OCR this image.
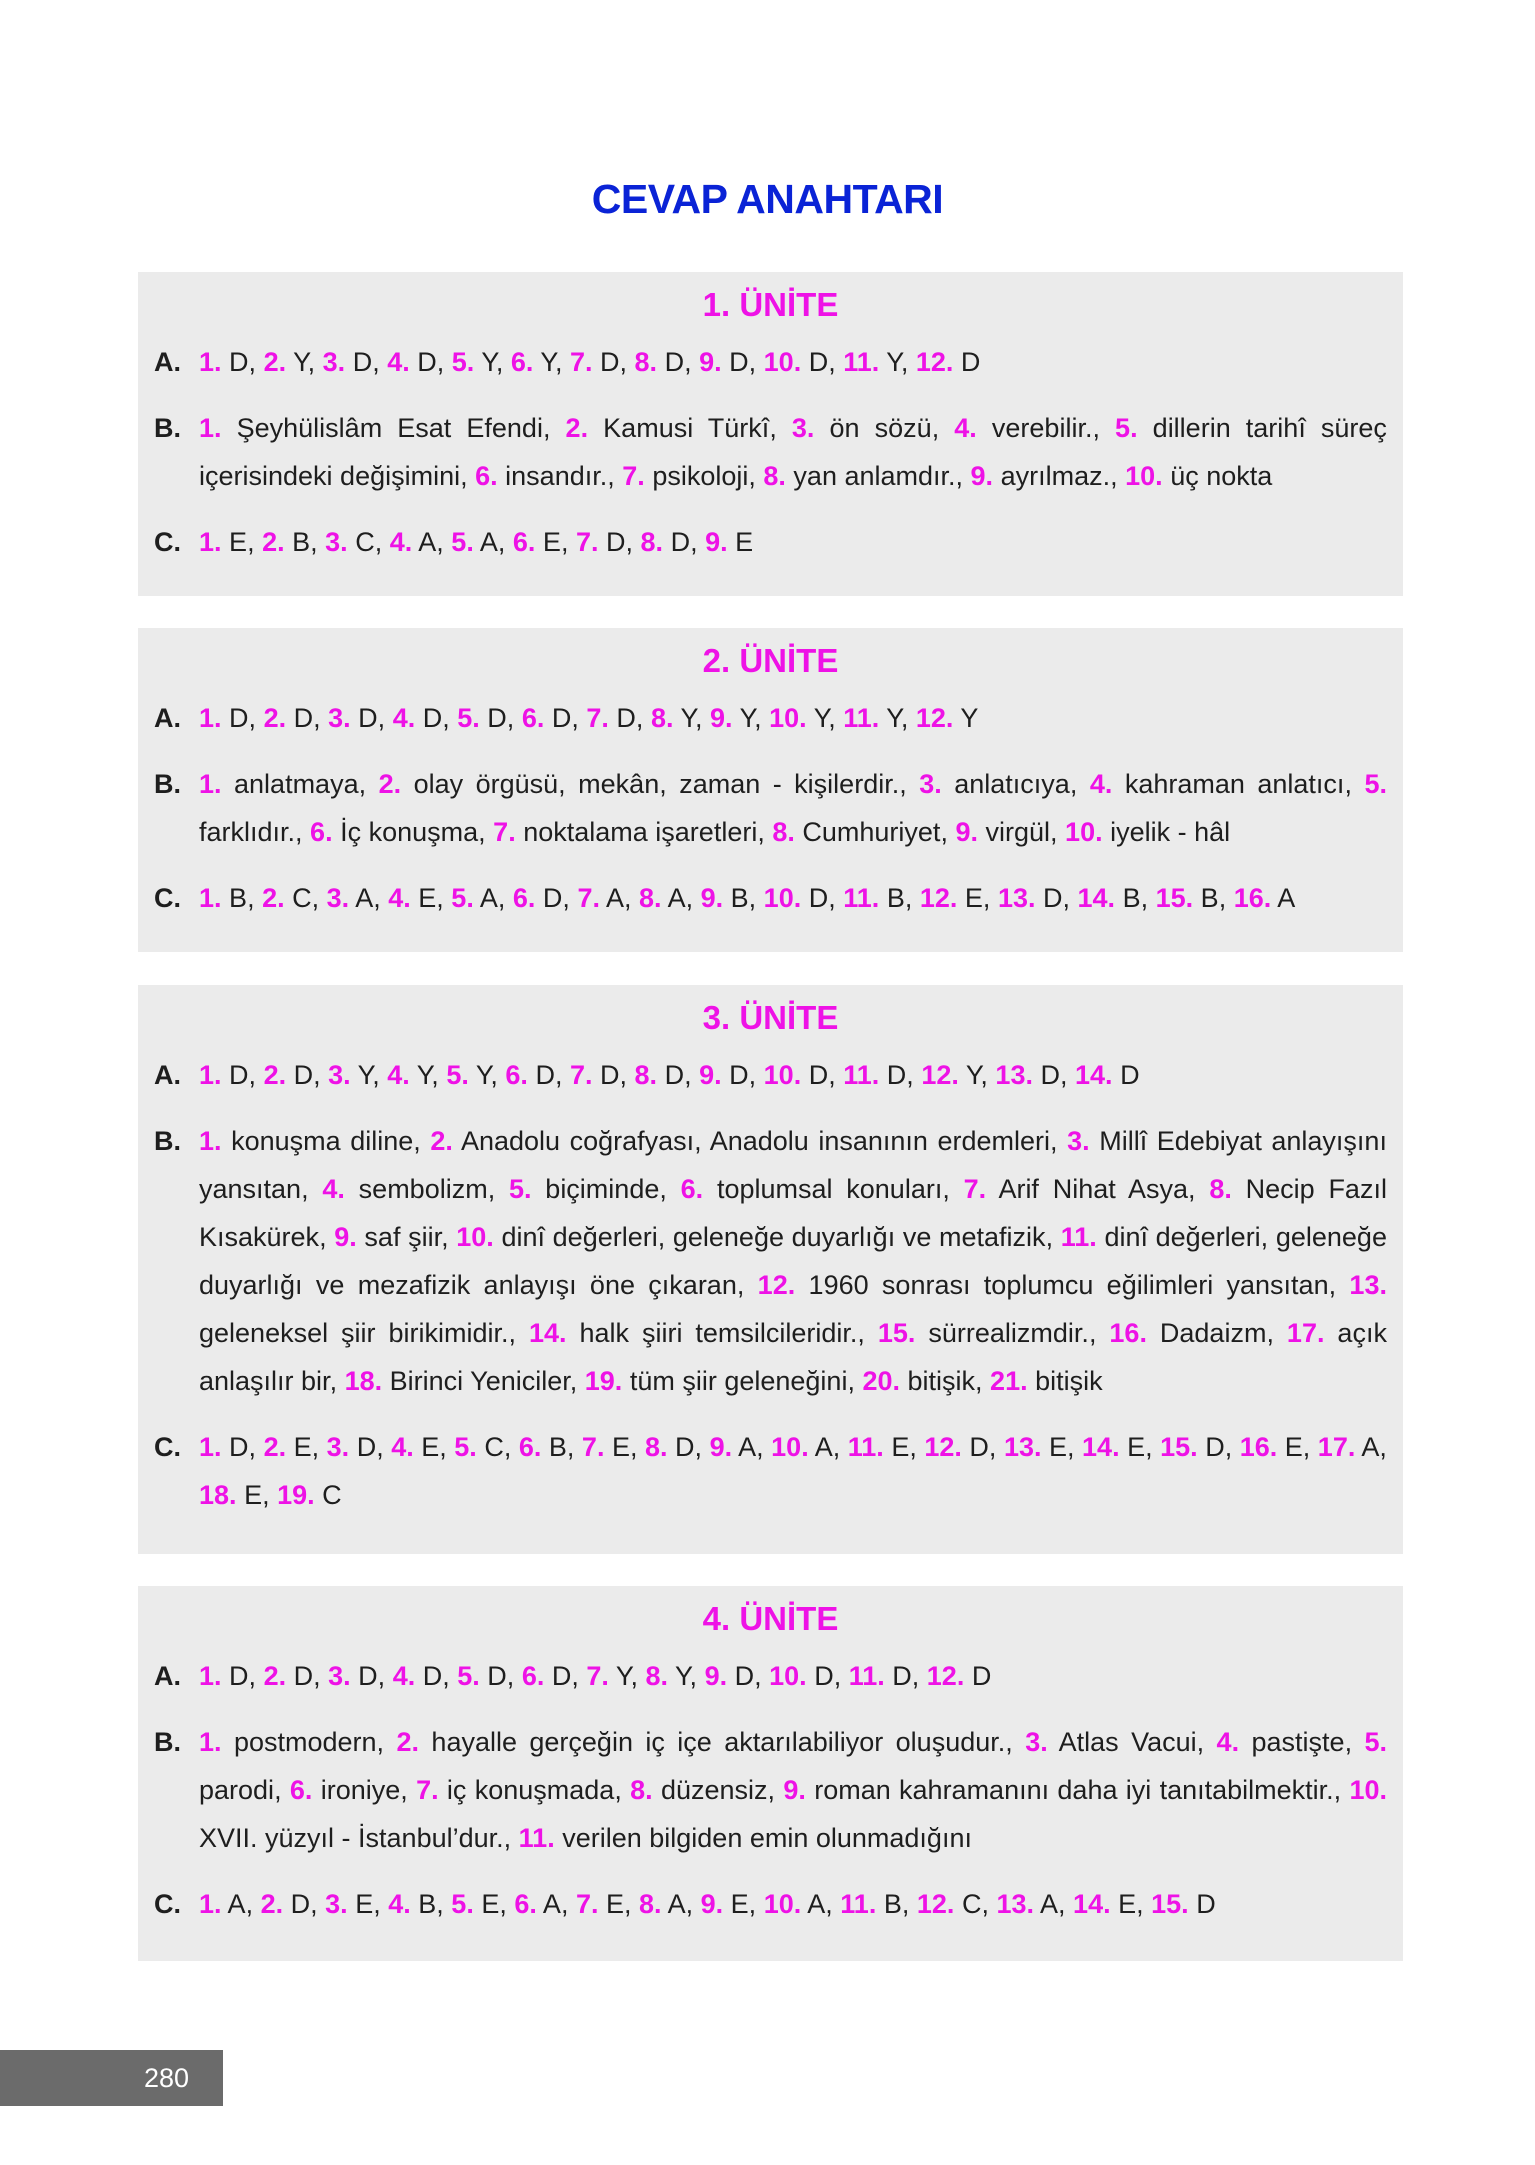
CEVAP ANAHTARI
1. ÜNİTE
A. 1. D, 2. Y, 3. D, 4. D, 5. Y, 6. Y, 7. D, 8. D, 9. D, 10. D, 11. Y, 12. D
B. 1. Şeyhülislâm Esat Efendi, 2. Kamusi Türkî, 3. ön sözü, 4. verebilir., 5. dillerin tarihî süreç içerisindeki değişimini, 6. insandır., 7. psikoloji, 8. yan anlamdır., 9. ayrılmaz., 10. üç nokta
C. 1. E, 2. B, 3. C, 4. A, 5. A, 6. E, 7. D, 8. D, 9. E
2. ÜNİTE
A. 1. D, 2. D, 3. D, 4. D, 5. D, 6. D, 7. D, 8. Y, 9. Y, 10. Y, 11. Y, 12. Y
B. 1. anlatmaya, 2. olay örgüsü, mekân, zaman - kişilerdir., 3. anlatıcıya, 4. kahraman anlatıcı, 5. farklıdır., 6. İç konuşma, 7. noktalama işaretleri, 8. Cumhuriyet, 9. virgül, 10. iyelik - hâl
C. 1. B, 2. C, 3. A, 4. E, 5. A, 6. D, 7. A, 8. A, 9. B, 10. D, 11. B, 12. E, 13. D, 14. B, 15. B, 16. A
3. ÜNİTE
A. 1. D, 2. D, 3. Y, 4. Y, 5. Y, 6. D, 7. D, 8. D, 9. D, 10. D, 11. D, 12. Y, 13. D, 14. D
B. 1. konuşma diline, 2. Anadolu coğrafyası, Anadolu insanının erdemleri, 3. Millî Edebiyat anlayışını yansıtan, 4. sembolizm, 5. biçiminde, 6. toplumsal konuları, 7. Arif Nihat Asya, 8. Necip Fazıl Kısakürek, 9. saf şiir, 10. dinî değerleri, geleneğe duyarlığı ve metafizik, 11. dinî değerleri, geleneğe duyarlığı ve mezafizik anlayışı öne çıkaran, 12. 1960 sonrası toplumcu eğilimleri yansıtan, 13. geleneksel şiir birikimidir., 14. halk şiiri temsilcileridir., 15. sürrealizmdir., 16. Dadaizm, 17. açık anlaşılır bir, 18. Birinci Yeniciler, 19. tüm şiir geleneğini, 20. bitişik, 21. bitişik
C. 1. D, 2. E, 3. D, 4. E, 5. C, 6. B, 7. E, 8. D, 9. A, 10. A, 11. E, 12. D, 13. E, 14. E, 15. D, 16. E, 17. A, 18. E, 19. C
4. ÜNİTE
A. 1. D, 2. D, 3. D, 4. D, 5. D, 6. D, 7. Y, 8. Y, 9. D, 10. D, 11. D, 12. D
B. 1. postmodern, 2. hayalle gerçeğin iç içe aktarılabiliyor oluşudur., 3. Atlas Vacui, 4. pastişte, 5. parodi, 6. ironiye, 7. iç konuşmada, 8. düzensiz, 9. roman kahramanını daha iyi tanıtabilmektir., 10. XVII. yüzyıl - İstanbul’dur., 11. verilen bilgiden emin olunmadığını
C. 1. A, 2. D, 3. E, 4. B, 5. E, 6. A, 7. E, 8. A, 9. E, 10. A, 11. B, 12. C, 13. A, 14. E, 15. D
280
